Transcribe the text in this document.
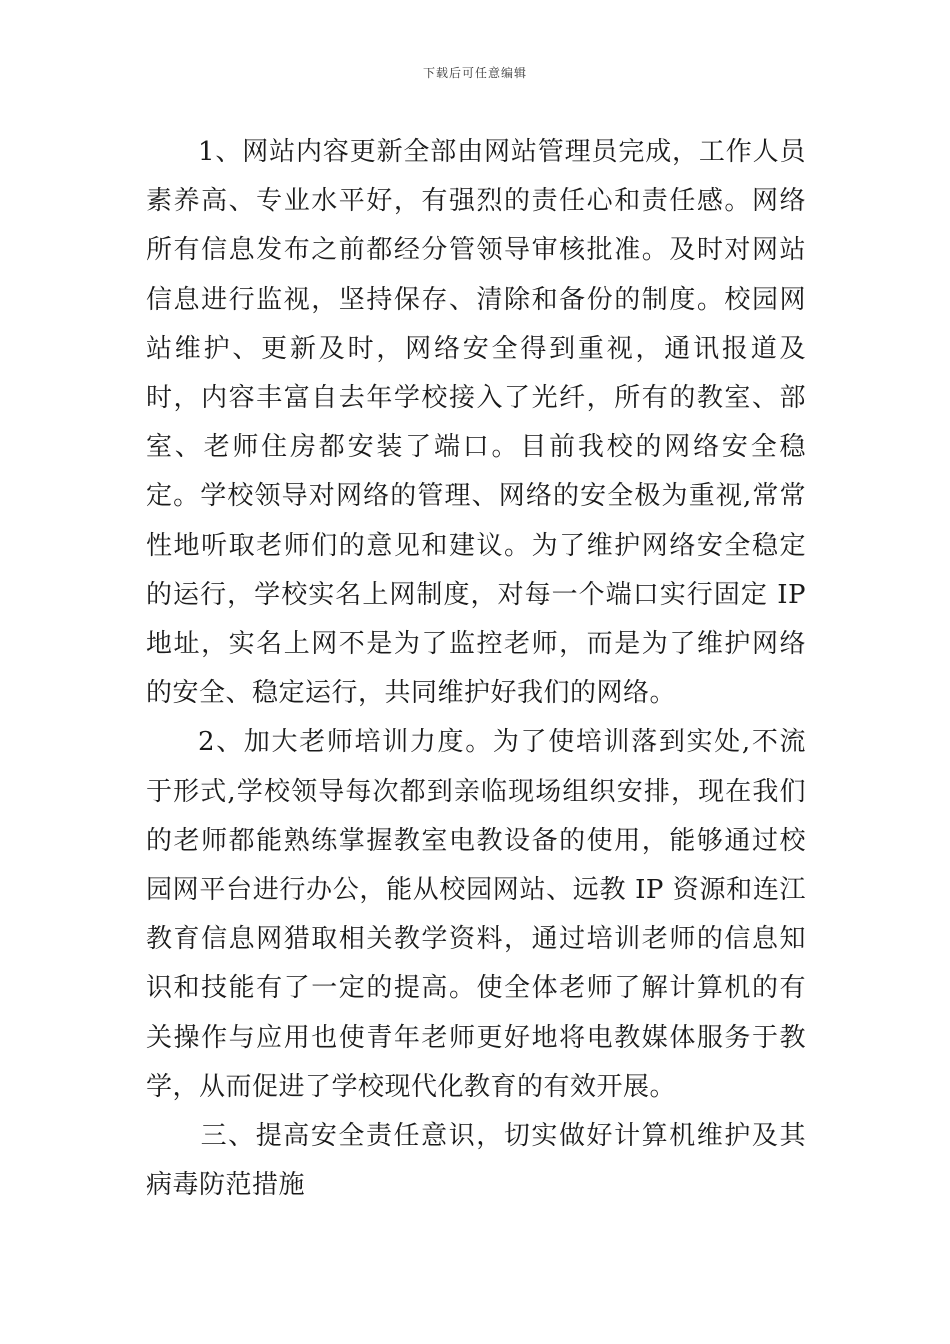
下载后可任意编辑

1、网站内容更新全部由网站管理员完成，工作人员素养高、专业水平好，有强烈的责任心和责任感。网络所有信息发布之前都经分管领导审核批准。及时对网站信息进行监视，坚持保存、清除和备份的制度。校园网站维护、更新及时，网络安全得到重视，通讯报道及时，内容丰富自去年学校接入了光纤，所有的教室、部室、老师住房都安装了端口。目前我校的网络安全稳定。学校领导对网络的管理、网络的安全极为重视,常常性地听取老师们的意见和建议。为了维护网络安全稳定的运行，学校实名上网制度，对每一个端口实行固定 IP 地址，实名上网不是为了监控老师，而是为了维护网络的安全、稳定运行，共同维护好我们的网络。

2、加大老师培训力度。为了使培训落到实处,不流于形式,学校领导每次都到亲临现场组织安排，现在我们的老师都能熟练掌握教室电教设备的使用，能够通过校园网平台进行办公，能从校园网站、远教 IP 资源和连江教育信息网猎取相关教学资料，通过培训老师的信息知识和技能有了一定的提高。使全体老师了解计算机的有关操作与应用也使青年老师更好地将电教媒体服务于教学，从而促进了学校现代化教育的有效开展。

三、提高安全责任意识，切实做好计算机维护及其病毒防范措施
